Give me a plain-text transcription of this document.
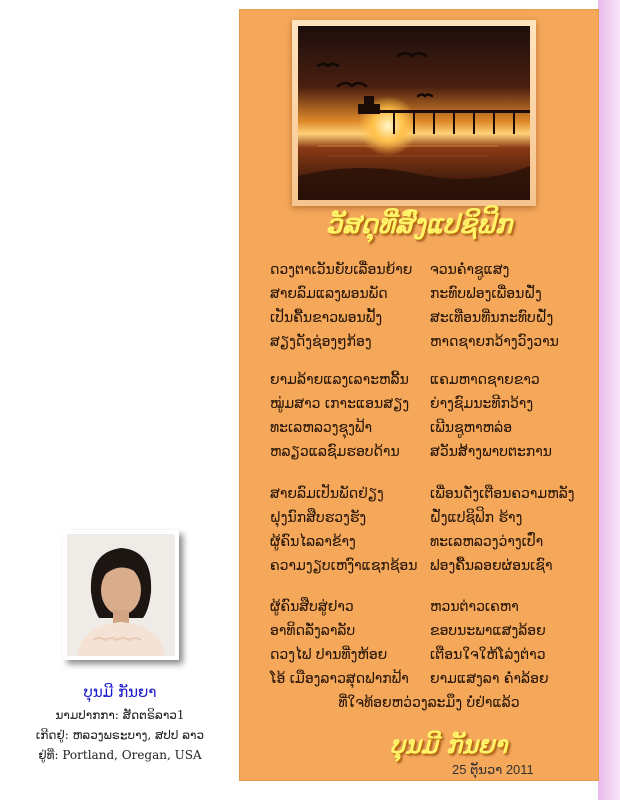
ວັສດຸທີ່ສົ່ງແປຊິຟິກ
ດວງຕາເວັນຍັບເລື່ອນຍ້າຍ	ຈວນຄໍ່າຊູແສງ
ສາຍລົມແລງພອນພັດ	ກະທົບຟອງເພື່ອນຝັ່ງ
ເປັນຄື້ນຂາວພອນຟັ້ງ	ສະເທືອນທີ່ນກະທົບຝັ່ງ
ສຽງດັງຊ່ອງໆກ້ອງ	ຫາດຊາຍກວ້າງວົງວານ
ຍາມລ້າຍແລງເລາະຫລີ້ນ	ແຄມຫາດຊາຍຂາວ
ໝູ່ມສາວ ເກາະແອນສຽງ	ຍ່າງຊົມນະທີກວ້າງ
ທະເລຫລວງຊຸງຟ້າ	ເພີນຊູຫາຫລ່ອ
ຫລຽວແລຊົມຮອບດ້ານ	ສວັນສ້າງພາບຕະການ
ສາຍລົມເປັນພັດຢ່ຽງ	ເພື່ອນດັ່ງເຕືອນຄວາມຫລັງ
ຝຸງນົກສືບຮວງຮັງ	ຝັ່ງແປຊິຟິກ ຮ້າງ
ຜູ້ຄົນໄລລາຂ້າງ	ທະເລຫລວງວ່າງເປົ່າ
ຄວາມງຽບເຫງົາແຊກຊ້ອນ ຟອງຄື້ນລອຍຜ່ອນເຊົາ
ຜູ້ຄົນສືບສູ່ຢາວ	ຫວນຕ່າວເຄຫາ
ອາທິດລັ່ງລາລັບ	ຂອບນະພາແສງລ້ອຍ
ດວງໄຟ ປານທີ່ງຫ້ອຍ	ເຕືອນໃຈໃຫ້ໂລ່ງຕ່າວ
ໂອ້ ເມືອງລາວສຸດຟາກຟ້າ	ຍາມແສງລາ ຄໍ່າລ້ອຍ
ທີ່ໃຈທ້ອຍຫວ່ວງລະມຶງ ບໍ່ຢ່າແລ້ວ
ບຸນມີ ກັນຍາ
25 ຕຸັນວາ 2011
ບຸນມີ ກັນຍາ
ນາມປາກກາ: ສັດຕຣິລາວ1
ເກີດຢູ່: ຫລວງພຣະບາງ, ສປປ ລາວ
ຢູ່ທີ່: Portland, Oregan, USA
